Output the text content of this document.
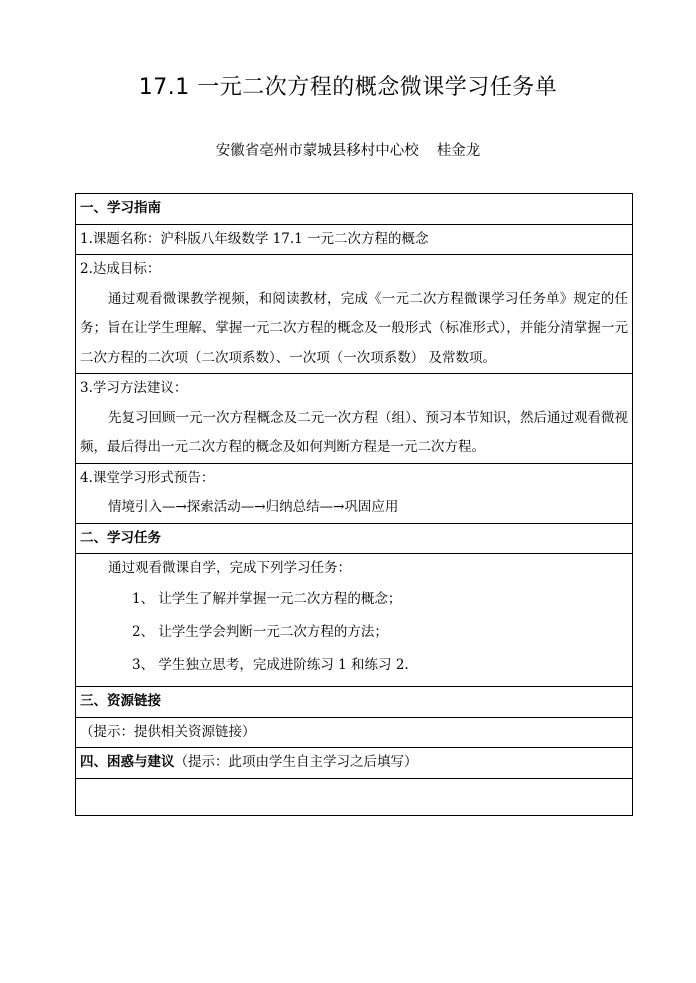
17.1 一元二次方程的概念微课学习任务单
安徽省亳州市蒙城县移村中心校 桂金龙
一、学习指南
1.课题名称：沪科版八年级数学 17.1 一元二次方程的概念

2.达成目标：
通过观看微课教学视频，和阅读教材，完成《一元二次方程微课学习任务单》规定的任务；旨在让学生理解、掌握一元二次方程的概念及一般形式（标准形式），并能分清掌握一元二次方程的二次项（二次项系数）、一次项（一次项系数） 及常数项。

3.学习方法建议：
先复习回顾一元一次方程概念及二元一次方程（组）、预习本节知识，然后通过观看微视频，最后得出一元二次方程的概念及如何判断方程是一元二次方程。

4.课堂学习形式预告：
情境引入—→探索活动—→归纳总结—→巩固应用

二、学习任务

通过观看微课自学，完成下列学习任务：
1、 让学生了解并掌握一元二次方程的概念；
2、 让学生学会判断一元二次方程的方法；
3、 学生独立思考，完成进阶练习 1 和练习 2.

三、资源链接
（提示：提供相关资源链接）
四、困惑与建议（提示：此项由学生自主学习之后填写）
